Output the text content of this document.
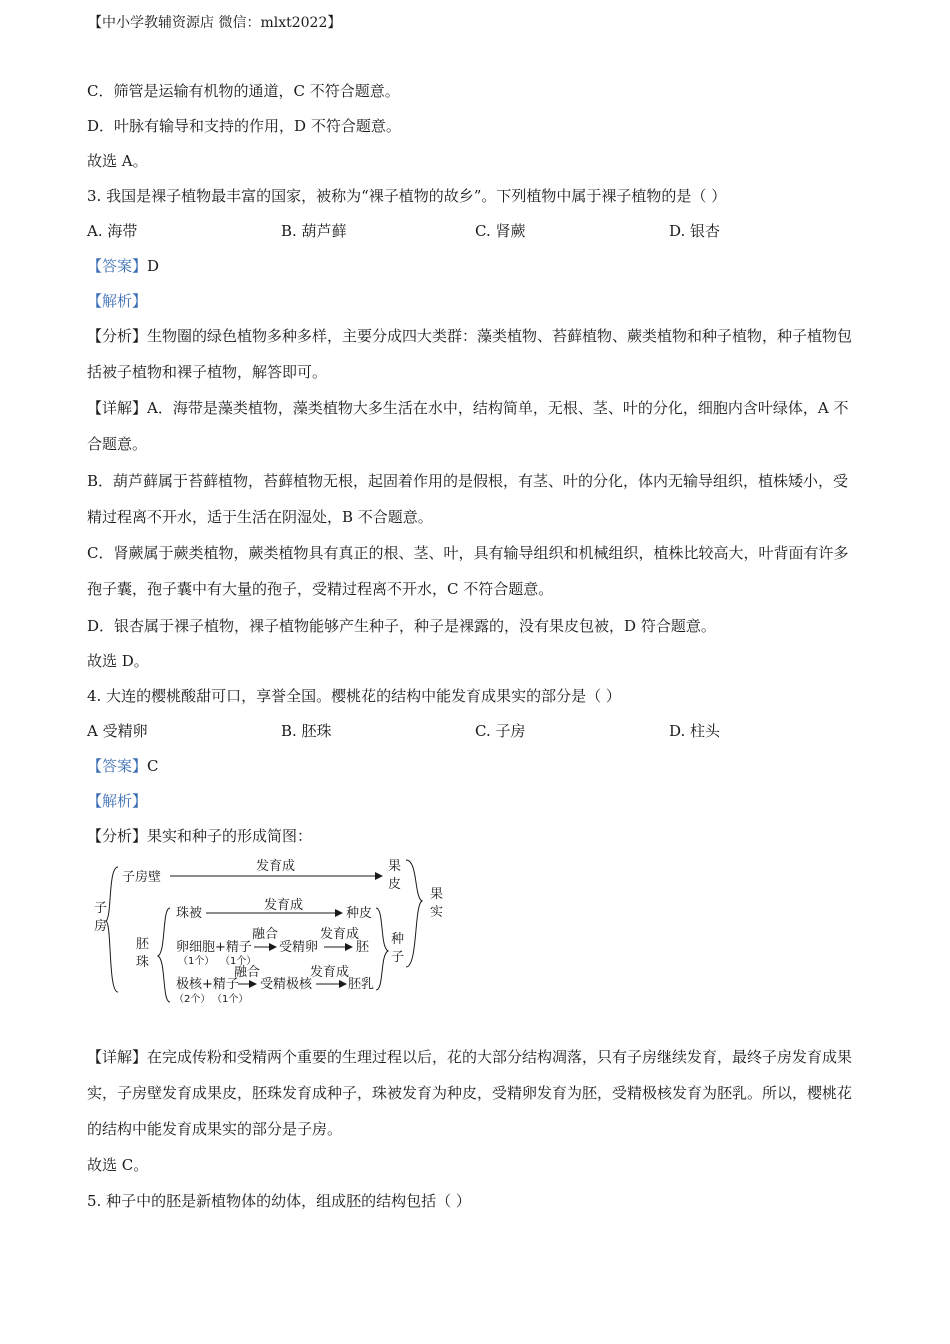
【中小学教辅资源店 微信：mlxt2022】
C．筛管是运输有机物的通道，C 不符合题意。
D．叶脉有输导和支持的作用，D 不符合题意。
故选 A。
3. 我国是裸子植物最丰富的国家，被称为“裸子植物的故乡”。下列植物中属于裸子植物的是（ ）
A. 海带	B. 葫芦藓	C. 肾蕨	D. 银杏
【答案】D
【解析】
【分析】生物圈的绿色植物多种多样，主要分成四大类群：藻类植物、苔藓植物、蕨类植物和种子植物，种子植物包括被子植物和裸子植物，解答即可。
【详解】A．海带是藻类植物，藻类植物大多生活在水中，结构简单，无根、茎、叶的分化，细胞内含叶绿体，A 不合题意。
B．葫芦藓属于苔藓植物，苔藓植物无根，起固着作用的是假根，有茎、叶的分化，体内无输导组织，植株矮小，受精过程离不开水，适于生活在阴湿处，B 不合题意。
C．肾蕨属于蕨类植物，蕨类植物具有真正的根、茎、叶，具有输导组织和机械组织，植株比较高大，叶背面有许多孢子囊，孢子囊中有大量的孢子，受精过程离不开水，C 不符合题意。
D．银杏属于裸子植物，裸子植物能够产生种子，种子是裸露的，没有果皮包被，D 符合题意。
故选 D。
4. 大连的樱桃酸甜可口，享誉全国。樱桃花的结构中能发育成果实的部分是（ ）
A 受精卵	B. 胚珠	C. 子房	D. 柱头
【答案】C
【解析】
【分析】果实和种子的形成简图：
子
房
子房壁
发育成	果
皮
果
实
胚
珠
珠被
发育成
种皮
融合
卵细胞+精子 受精卵
发育成
胚
（1个） （1个）
种
子
融合
极核+精子 受精极核
发育成
胚乳
（2个） （1个）
【详解】在完成传粉和受精两个重要的生理过程以后，花的大部分结构凋落，只有子房继续发育，最终子房发育成果实，子房壁发育成果皮，胚珠发育成种子，珠被发育为种皮，受精卵发育为胚，受精极核发育为胚乳。所以，樱桃花的结构中能发育成果实的部分是子房。
故选 C。
5. 种子中的胚是新植物体的幼体，组成胚的结构包括（ ）
